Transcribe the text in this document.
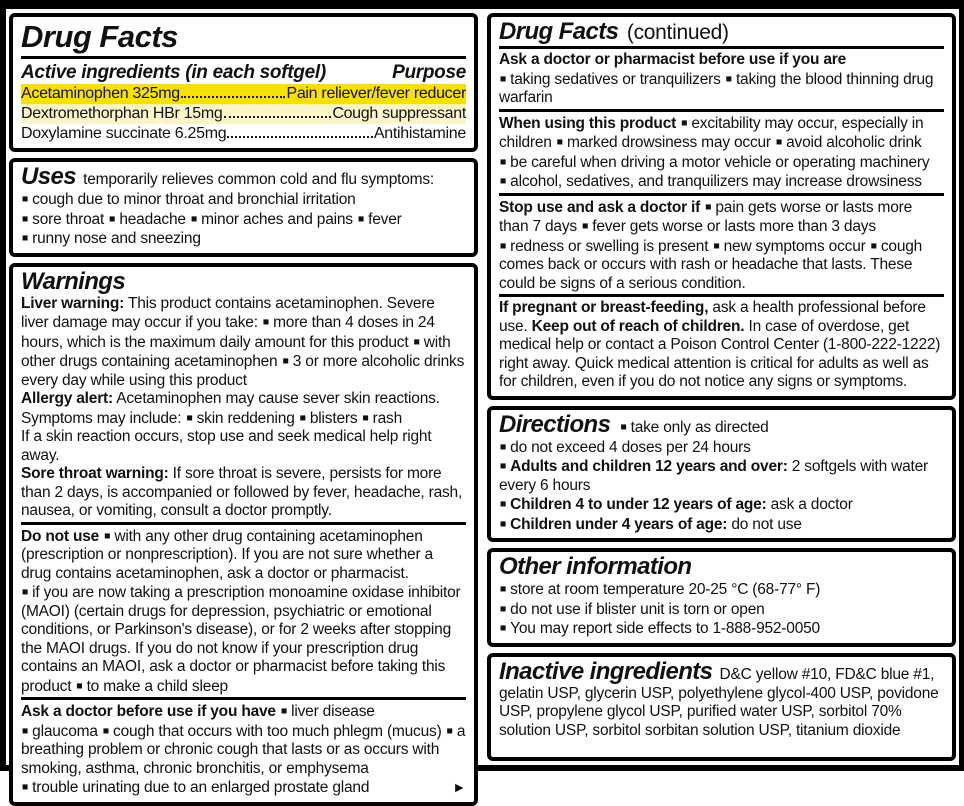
Drug Facts
Active ingredients (in each softgel)	Purpose
Acetaminophen 325mg	Pain reliever/fever reducer
Dextromethorphan HBr 15mg	Cough suppressant
Doxylamine succinate 6.25mg	Antihistamine
Uses temporarily relieves common cold and flu symptoms:
■ cough due to minor throat and bronchial irritation
■ sore throat ■ headache ■ minor aches and pains ■ fever
■ runny nose and sneezing
Warnings
Liver warning: This product contains acetaminophen. Severe liver damage may occur if you take: ■ more than 4 doses in 24 hours, which is the maximum daily amount for this product ■ with other drugs containing acetaminophen ■ 3 or more alcoholic drinks every day while using this product
Allergy alert: Acetaminophen may cause sever skin reactions. Symptoms may include: ■ skin reddening ■ blisters ■ rash
If a skin reaction occurs, stop use and seek medical help right away.
Sore throat warning: If sore throat is severe, persists for more than 2 days, is accompanied or followed by fever, headache, rash, nausea, or vomiting, consult a doctor promptly.
Do not use ■ with any other drug containing acetaminophen (prescription or nonprescription). If you are not sure whether a drug contains acetaminophen, ask a doctor or pharmacist.
■ if you are now taking a prescription monoamine oxidase inhibitor (MAOI) (certain drugs for depression, psychiatric or emotional conditions, or Parkinson's disease), or for 2 weeks after stopping the MAOI drugs. If you do not know if your prescription drug contains an MAOI, ask a doctor or pharmacist before taking this product ■ to make a child sleep
Ask a doctor before use if you have ■ liver disease
■ glaucoma ■ cough that occurs with too much phlegm (mucus) ■ a breathing problem or chronic cough that lasts or as occurs with smoking, asthma, chronic bronchitis, or emphysema
■ trouble urinating due to an enlarged prostate gland	►
Drug Facts (continued)
Ask a doctor or pharmacist before use if you are
■ taking sedatives or tranquilizers ■ taking the blood thinning drug warfarin
When using this product ■ excitability may occur, especially in children ■ marked drowsiness may occur ■ avoid alcoholic drink ■ be careful when driving a motor vehicle or operating machinery ■ alcohol, sedatives, and tranquilizers may increase drowsiness
Stop use and ask a doctor if ■ pain gets worse or lasts more than 7 days ■ fever gets worse or lasts more than 3 days ■ redness or swelling is present ■ new symptoms occur ■ cough comes back or occurs with rash or headache that lasts. These could be signs of a serious condition.
If pregnant or breast-feeding, ask a health professional before use. Keep out of reach of children. In case of overdose, get medical help or contact a Poison Control Center (1-800-222-1222) right away. Quick medical attention is critical for adults as well as for children, even if you do not notice any signs or symptoms.
Directions ■ take only as directed
■ do not exceed 4 doses per 24 hours
■ Adults and children 12 years and over: 2 softgels with water every 6 hours
■ Children 4 to under 12 years of age: ask a doctor
■ Children under 4 years of age: do not use
Other information
■ store at room temperature 20-25 °C (68-77° F)
■ do not use if blister unit is torn or open
■ You may report side effects to 1-888-952-0050
Inactive ingredients D&C yellow #10, FD&C blue #1, gelatin USP, glycerin USP, polyethylene glycol-400 USP, povidone USP, propylene glycol USP, purified water USP, sorbitol 70% solution USP, sorbitol sorbitan solution USP, titanium dioxide
